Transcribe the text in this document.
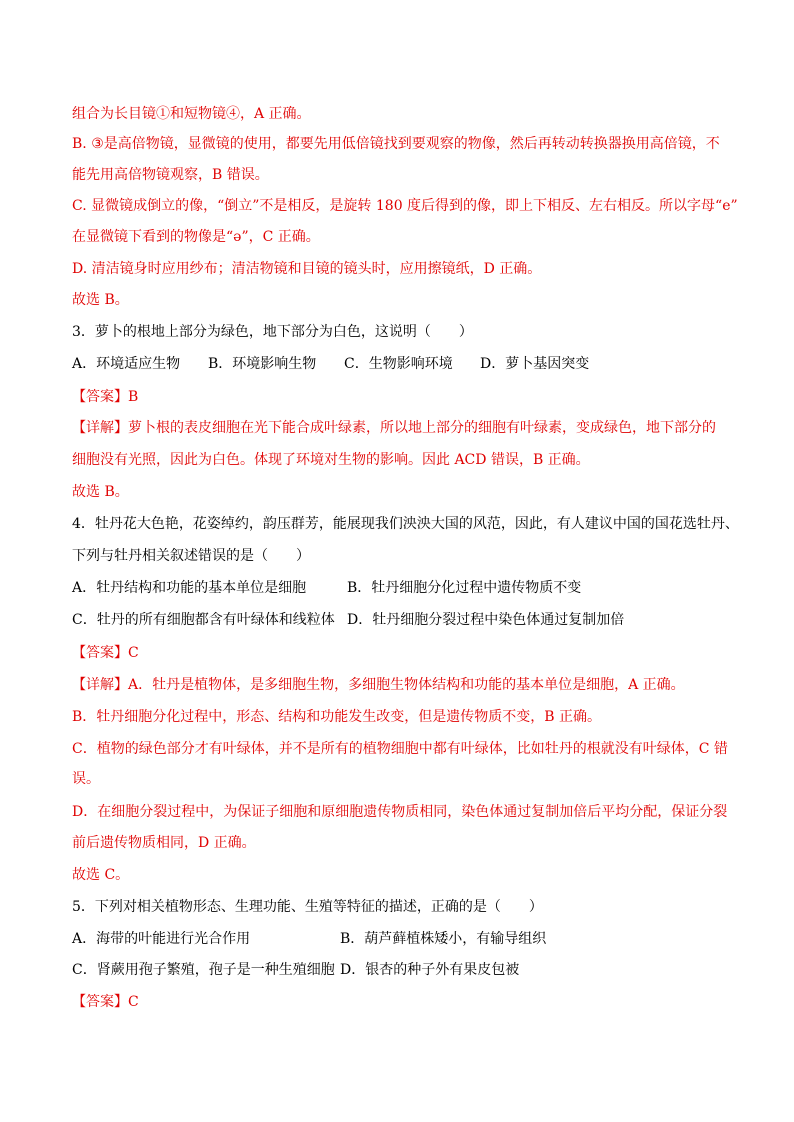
组合为长目镜①和短物镜④，A 正确。
B. ③是高倍物镜，显微镜的使用，都要先用低倍镜找到要观察的物像，然后再转动转换器换用高倍镜，不
能先用高倍物镜观察，B 错误。
C. 显微镜成倒立的像，“倒立”不是相反，是旋转 180 度后得到的像，即上下相反、左右相反。所以字母“e”
在显微镜下看到的物像是“ə”，C 正确。
D. 清洁镜身时应用纱布；清洁物镜和目镜的镜头时，应用擦镜纸，D 正确。
故选 B。
3．萝卜的根地上部分为绿色，地下部分为白色，这说明（　　）
A．环境适应生物	B．环境影响生物	C．生物影响环境	D．萝卜基因突变
【答案】B
【详解】萝卜根的表皮细胞在光下能合成叶绿素，所以地上部分的细胞有叶绿素，变成绿色，地下部分的
细胞没有光照，因此为白色。体现了环境对生物的影响。因此 ACD 错误，B 正确。
故选 B。
4．牡丹花大色艳，花姿绰约，韵压群芳，能展现我们泱泱大国的风范，因此，有人建议中国的国花选牡丹、
下列与牡丹相关叙述错误的是（　　）
A．牡丹结构和功能的基本单位是细胞	B．牡丹细胞分化过程中遗传物质不变
C．牡丹的所有细胞都含有叶绿体和线粒体 D．牡丹细胞分裂过程中染色体通过复制加倍
【答案】C
【详解】A．牡丹是植物体，是多细胞生物，多细胞生物体结构和功能的基本单位是细胞，A 正确。
B．牡丹细胞分化过程中，形态、结构和功能发生改变，但是遗传物质不变，B 正确。
C．植物的绿色部分才有叶绿体，并不是所有的植物细胞中都有叶绿体，比如牡丹的根就没有叶绿体，C 错
误。
D．在细胞分裂过程中，为保证子细胞和原细胞遗传物质相同，染色体通过复制加倍后平均分配，保证分裂
前后遗传物质相同，D 正确。
故选 C。
5．下列对相关植物形态、生理功能、生殖等特征的描述，正确的是（　　）
A．海带的叶能进行光合作用	B．葫芦藓植株矮小，有输导组织
C．肾蕨用孢子繁殖，孢子是一种生殖细胞 D．银杏的种子外有果皮包被
【答案】C
